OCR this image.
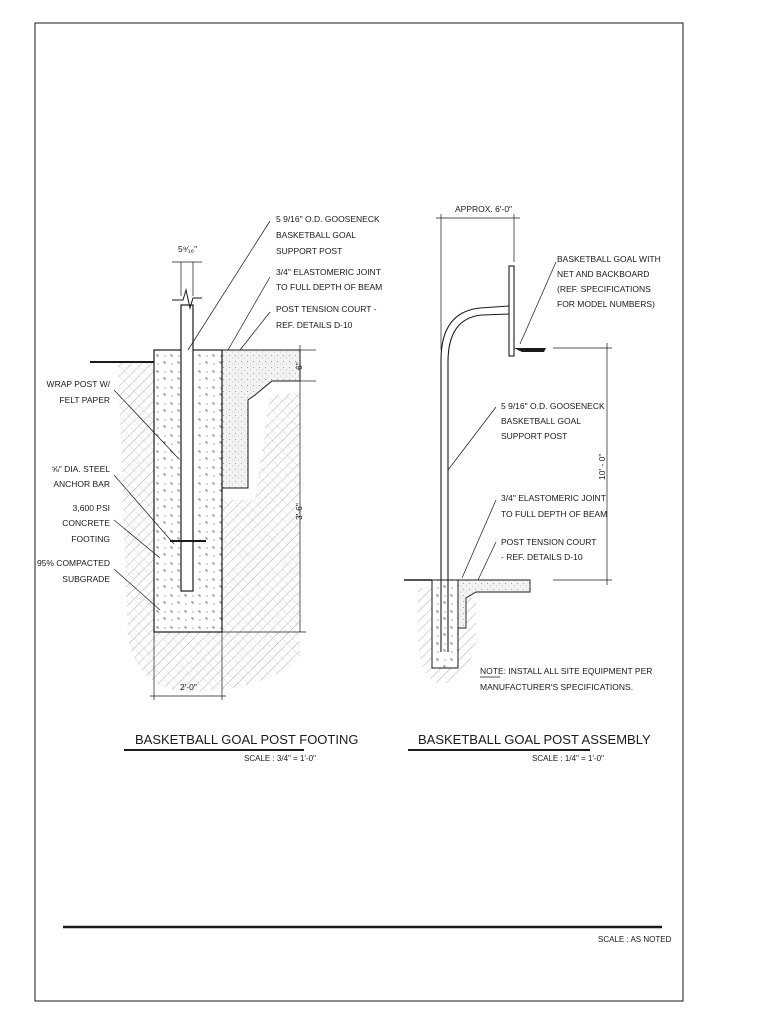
5⁹⁄₁₆"
6"
3'-6"
2'-0"
5 9/16" O.D. GOOSENECK
BASKETBALL GOAL
SUPPORT POST
3/4" ELASTOMERIC JOINT
TO FULL DEPTH OF BEAM
POST TENSION COURT -
REF. DETAILS D-10
WRAP POST W/
FELT PAPER
⅝" DIA. STEEL
ANCHOR BAR
3,600 PSI
CONCRETE
FOOTING
95% COMPACTED
SUBGRADE
BASKETBALL GOAL POST FOOTING
SCALE : 3/4" = 1'-0"
APPROX. 6'-0"
10' - 0"
BASKETBALL GOAL WITH
NET AND BACKBOARD
(REF. SPECIFICATIONS
FOR MODEL NUMBERS)
5 9/16" O.D. GOOSENECK
BASKETBALL GOAL
SUPPORT POST
3/4" ELASTOMERIC JOINT
TO FULL DEPTH OF BEAM
POST TENSION COURT
- REF. DETAILS D-10
NOTE: INSTALL ALL SITE EQUIPMENT PER
MANUFACTURER'S SPECIFICATIONS.
BASKETBALL GOAL POST ASSEMBLY
SCALE : 1/4" = 1'-0"
SCALE : AS NOTED
